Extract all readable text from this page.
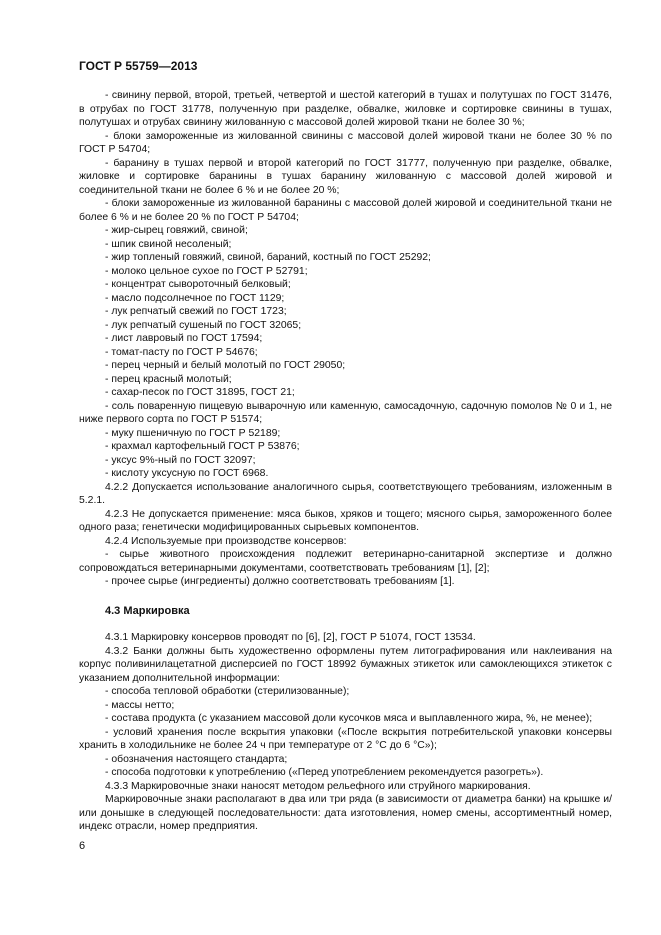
ГОСТ Р 55759—2013

- свинину первой, второй, третьей, четвертой и шестой категорий в тушах и полутушах по ГОСТ 31476, в отрубах по ГОСТ 31778, полученную при разделке, обвалке, жиловке и сортировке свинины в тушах, полутушах и отрубах свинину жилованную с массовой долей жировой ткани не более 30 %;

- блоки замороженные из жилованной свинины с массовой долей жировой ткани не более 30 % по ГОСТ Р 54704;

- баранину в тушах первой и второй категорий по ГОСТ 31777, полученную при разделке, обвалке, жиловке и сортировке баранины в тушах баранину жилованную с массовой долей жировой и соединительной ткани не более 6 % и не более 20 %;

- блоки замороженные из жилованной баранины с массовой долей жировой и соединительной ткани не более 6 % и не более 20 % по ГОСТ Р 54704;

- жир-сырец говяжий, свиной;

- шпик свиной несоленый;

- жир топленый говяжий, свиной, бараний, костный по ГОСТ 25292;

- молоко цельное сухое по ГОСТ Р 52791;

- концентрат сывороточный белковый;

- масло подсолнечное по ГОСТ 1129;

- лук репчатый свежий по ГОСТ 1723;

- лук репчатый сушеный по ГОСТ 32065;

- лист лавровый по ГОСТ 17594;

- томат-пасту по ГОСТ Р 54676;

- перец черный и белый молотый по ГОСТ 29050;

- перец красный молотый;

- сахар-песок по ГОСТ 31895, ГОСТ 21;

- соль поваренную пищевую выварочную или каменную, самосадочную, садочную помолов № 0 и 1, не ниже первого сорта по ГОСТ Р 51574;

- муку пшеничную по ГОСТ Р 52189;

- крахмал картофельный ГОСТ Р 53876;

- уксус 9%-ный по ГОСТ 32097;

- кислоту уксусную по ГОСТ 6968.

4.2.2 Допускается использование аналогичного сырья, соответствующего требованиям, изложенным в 5.2.1.

4.2.3 Не допускается применение: мяса быков, хряков и тощего; мясного сырья, замороженного более одного раза; генетически модифицированных сырьевых компонентов.

4.2.4 Используемые при производстве консервов:

- сырье животного происхождения подлежит ветеринарно-санитарной экспертизе и должно сопровождаться ветеринарными документами, соответствовать требованиям [1], [2];

- прочее сырье (ингредиенты) должно соответствовать требованиям [1].

4.3 Маркировка

4.3.1 Маркировку консервов проводят по [6], [2], ГОСТ Р 51074, ГОСТ 13534.

4.3.2 Банки должны быть художественно оформлены путем литографирования или наклеивания на корпус поливинилацетатной дисперсией по ГОСТ 18992 бумажных этикеток или самоклеющихся этикеток с указанием дополнительной информации:

- способа тепловой обработки (стерилизованные);

- массы нетто;

- состава продукта (с указанием массовой доли кусочков мяса и выплавленного жира, %, не менее);

- условий хранения после вскрытия упаковки («После вскрытия потребительской упаковки консервы хранить в холодильнике не более 24 ч при температуре от 2 °С до 6 °С»);

- обозначения настоящего стандарта;

- способа подготовки к употреблению («Перед употреблением рекомендуется разогреть»).

4.3.3 Маркировочные знаки наносят методом рельефного или струйного маркирования.

Маркировочные знаки располагают в два или три ряда (в зависимости от диаметра банки) на крышке и/или донышке в следующей последовательности: дата изготовления, номер смены, ассортиментный номер, индекс отрасли, номер предприятия.

6
